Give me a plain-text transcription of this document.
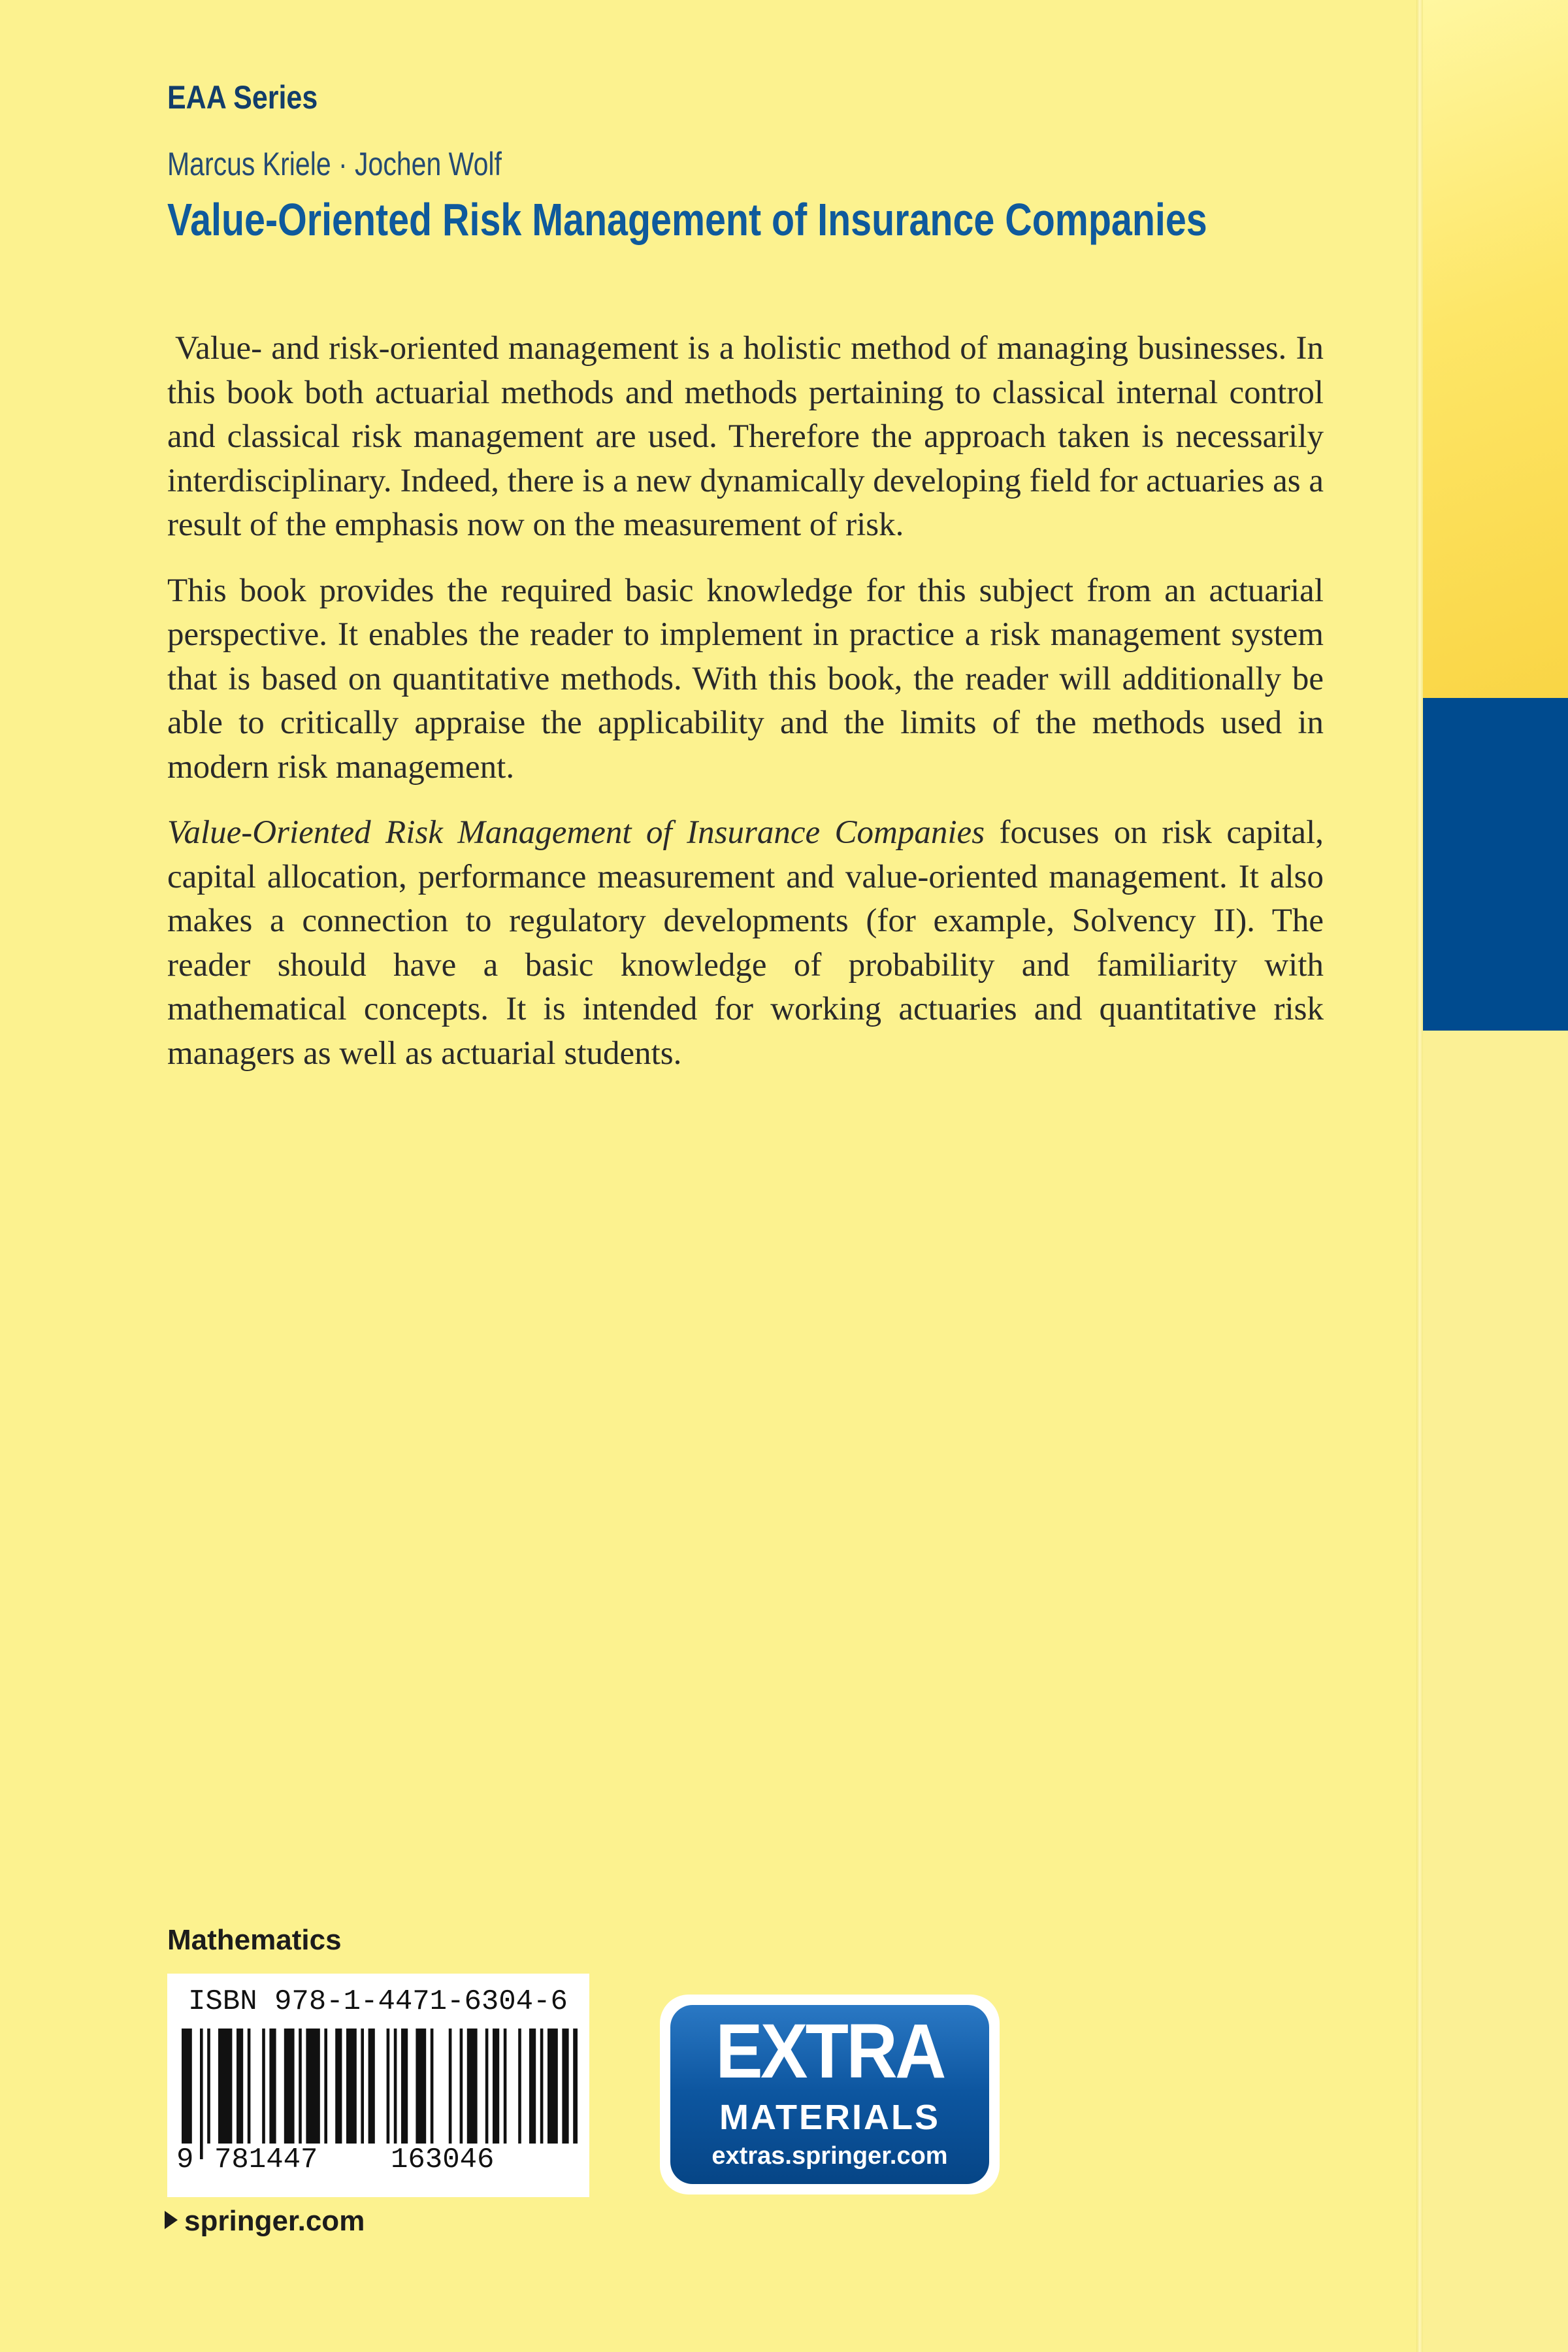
EAA Series
Marcus Kriele · Jochen Wolf
Value-Oriented Risk Management of Insurance Companies

Value- and risk-oriented management is a holistic method of managing businesses. In this book both actuarial methods and methods pertaining to classical internal control and classical risk management are used. Therefore the approach taken is necessarily interdisciplinary. Indeed, there is a new dynamically developing field for actuaries as a result of the emphasis now on the measurement of risk.

This book provides the required basic knowledge for this subject from an actuarial perspective. It enables the reader to implement in practice a risk management system that is based on quantitative methods. With this book, the reader will additionally be able to critically appraise the applicability and the limits of the methods used in modern risk management.

Value-Oriented Risk Management of Insurance Companies focuses on risk capital, capital allocation, performance measurement and value-oriented management. It also makes a connection to regulatory developments (for example, Solvency II). The reader should have a basic knowledge of probability and familiarity with mathematical concepts. It is intended for working actuaries and quantitative risk managers as well as actuarial students.

Mathematics
ISBN 978-1-4471-6304-6
9 781447	163046
EXTRA
MATERIALS
extras.springer.com
springer.com
